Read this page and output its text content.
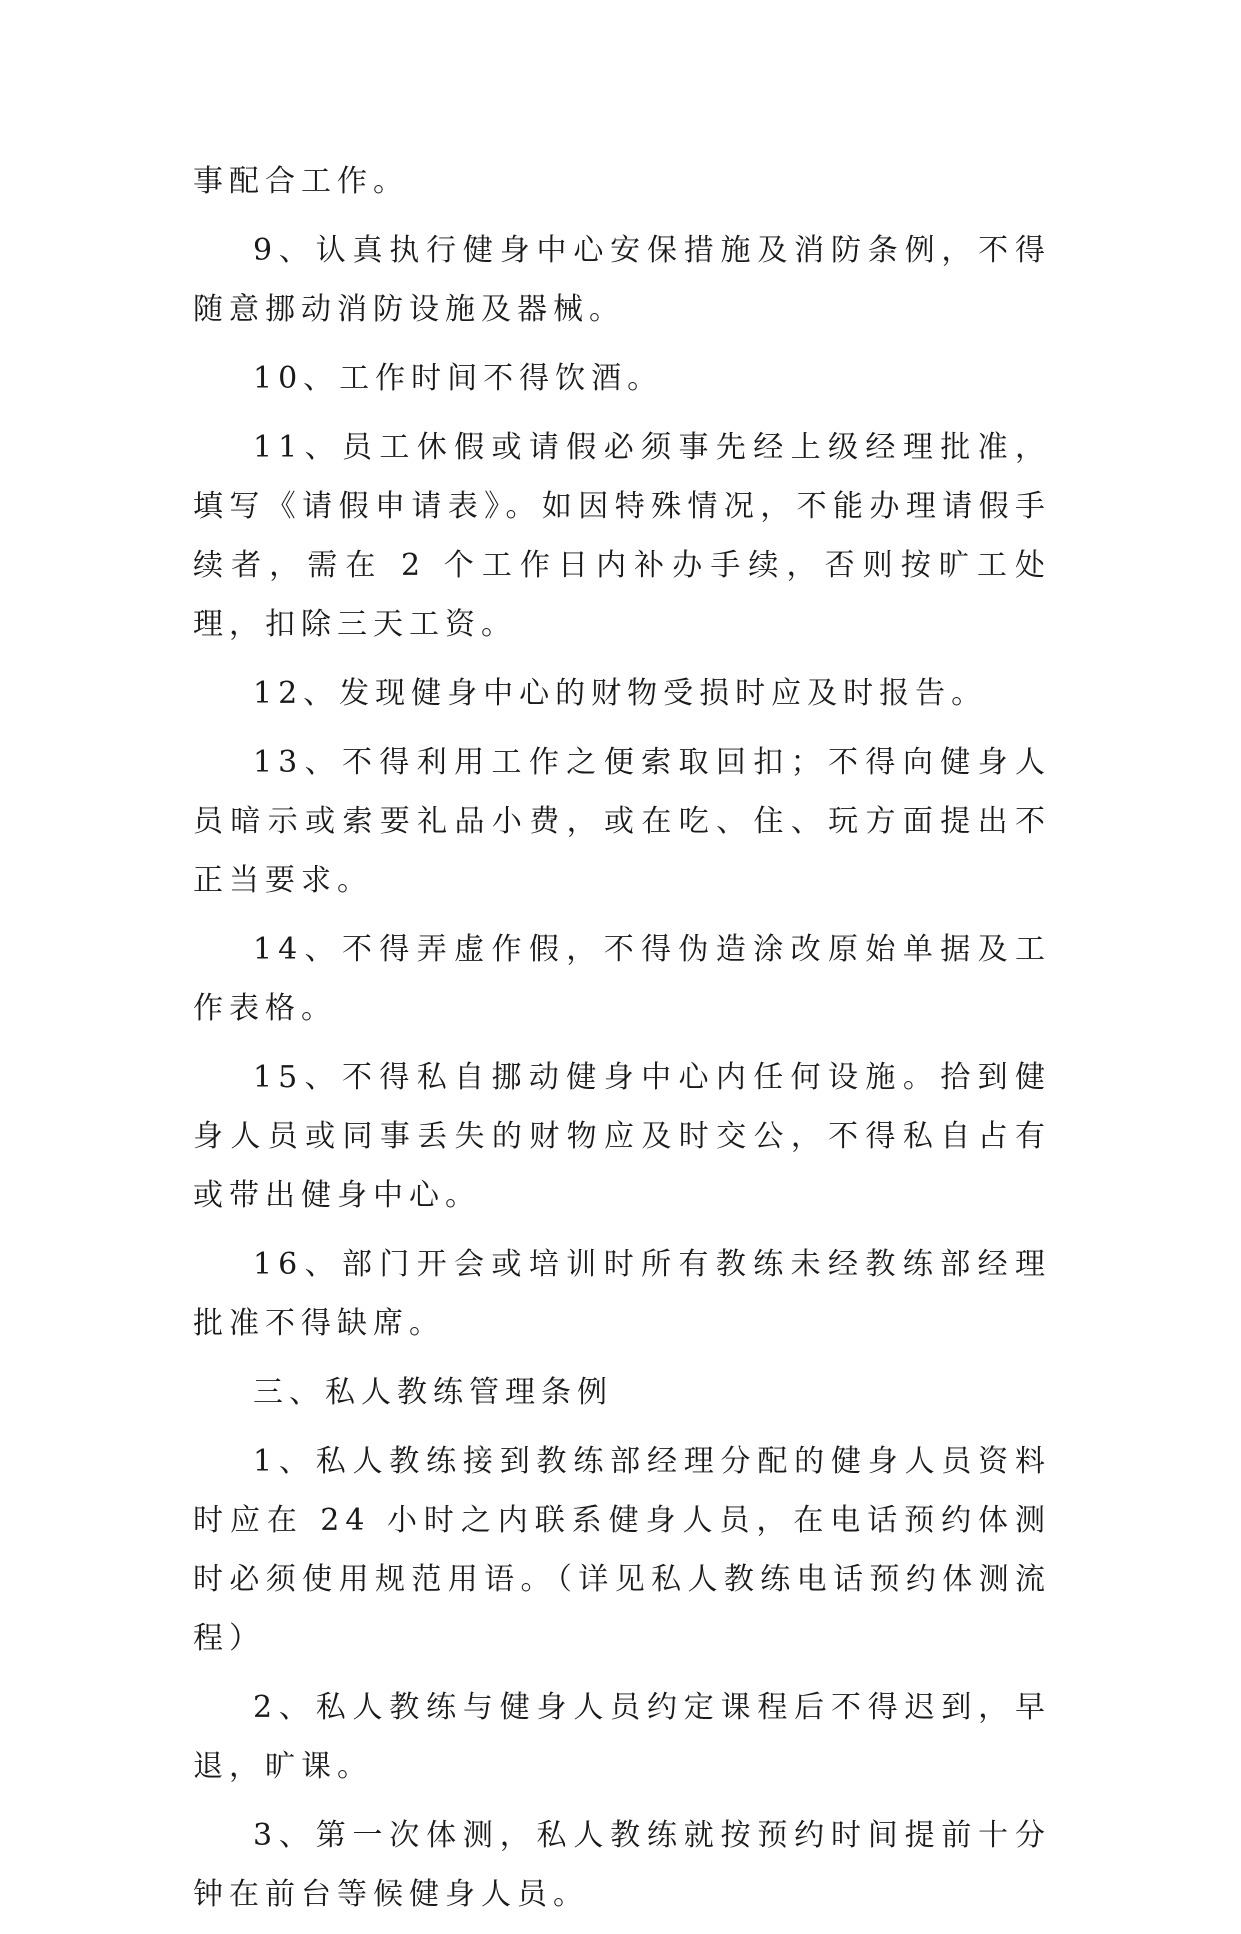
事配合工作。

9、认真执行健身中心安保措施及消防条例，不得随意挪动消防设施及器械。

10、工作时间不得饮酒。

11、员工休假或请假必须事先经上级经理批准，填写《请假申请表》。如因特殊情况，不能办理请假手续者，需在 2 个工作日内补办手续，否则按旷工处理，扣除三天工资。

12、发现健身中心的财物受损时应及时报告。

13、不得利用工作之便索取回扣；不得向健身人员暗示或索要礼品小费，或在吃、住、玩方面提出不正当要求。

14、不得弄虚作假，不得伪造涂改原始单据及工作表格。

15、不得私自挪动健身中心内任何设施。拾到健身人员或同事丢失的财物应及时交公，不得私自占有或带出健身中心。

16、部门开会或培训时所有教练未经教练部经理批准不得缺席。

三、私人教练管理条例

1、私人教练接到教练部经理分配的健身人员资料时应在 24 小时之内联系健身人员，在电话预约体测时必须使用规范用语。（详见私人教练电话预约体测流程）

2、私人教练与健身人员约定课程后不得迟到，早退，旷课。

3、第一次体测，私人教练就按预约时间提前十分钟在前台等候健身人员。
